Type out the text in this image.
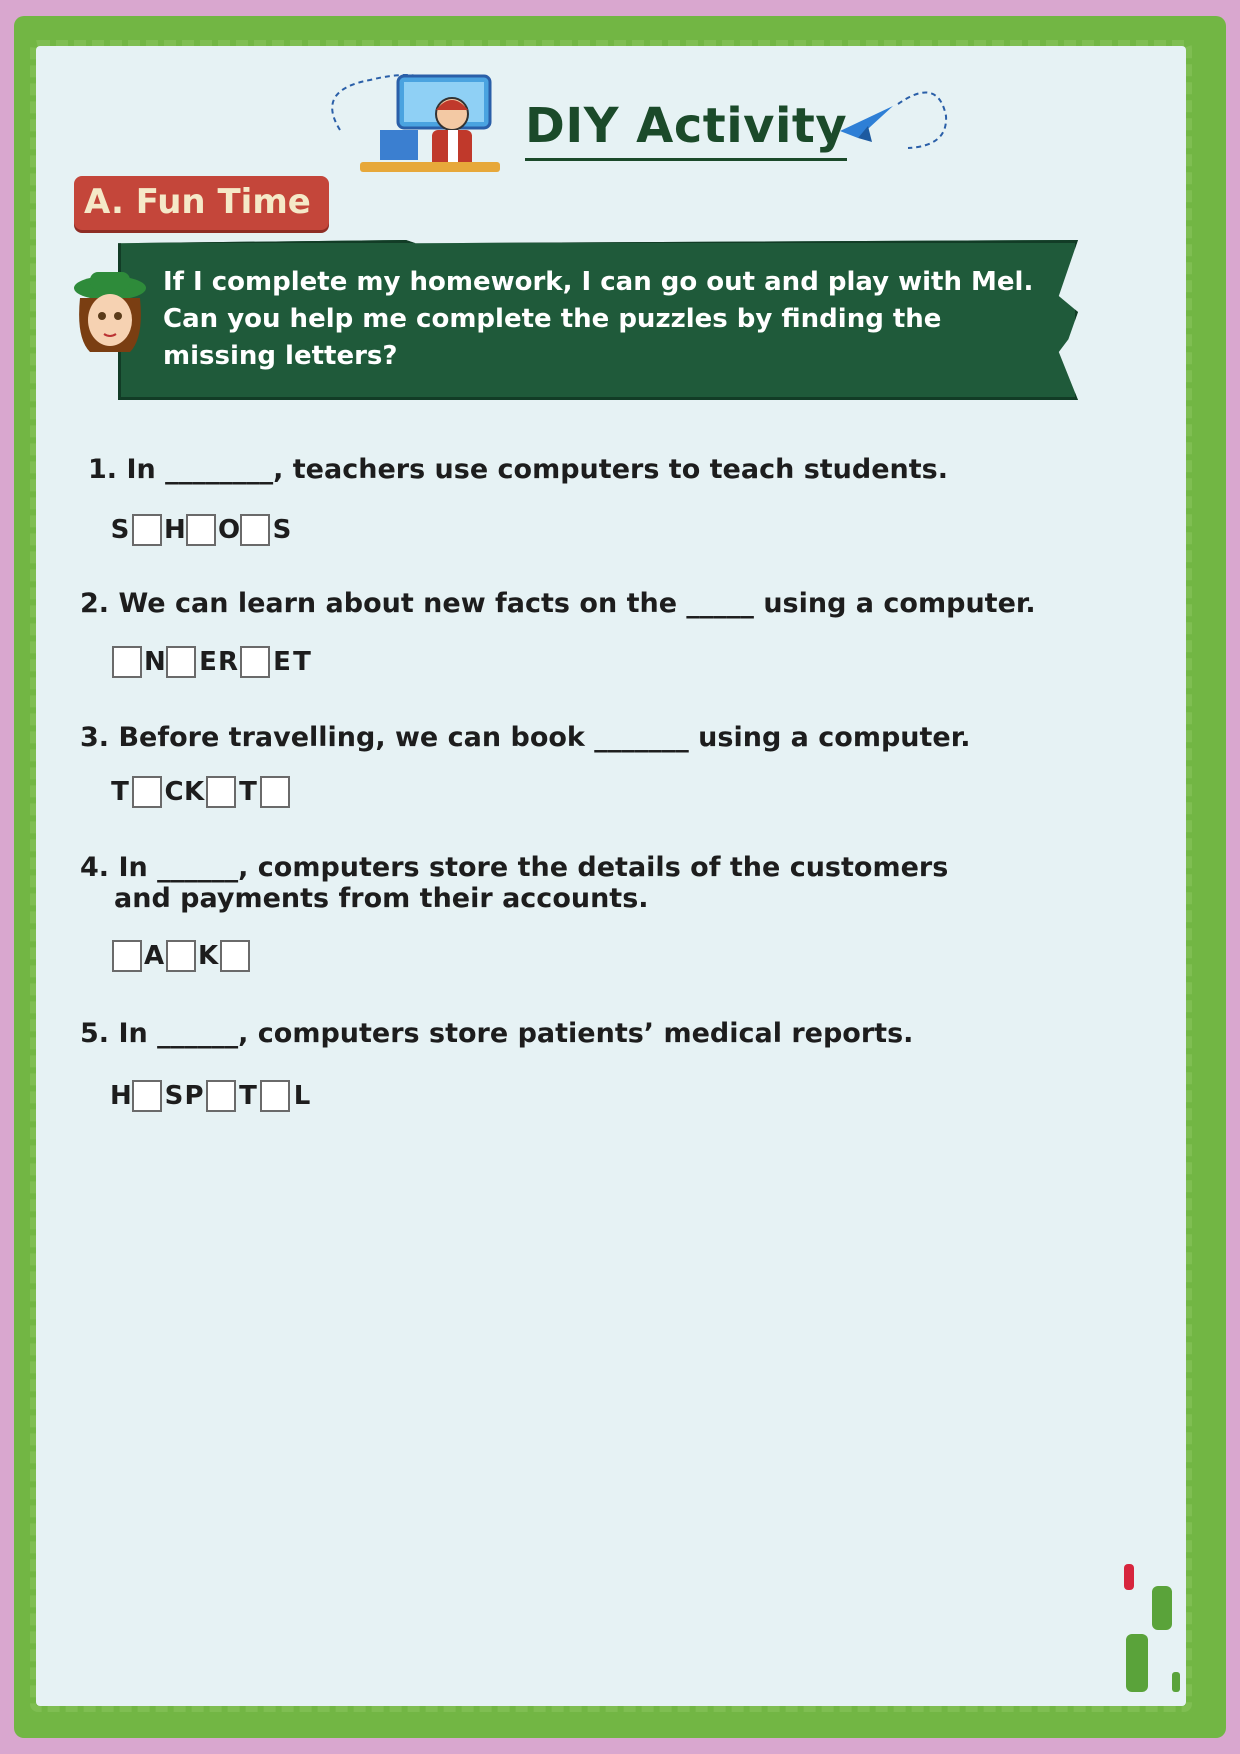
DIY Activity
A. Fun Time
If I complete my homework, I can go out and play with Mel. Can you help me complete the puzzles by finding the missing letters?
1. In ________, teachers use computers to teach students.
S H O S
2. We can learn about new facts on the _____ using a computer.
N E R E T
3. Before travelling, we can book _______ using a computer.
T C K T
4. In ______, computers store the details of the customers
and payments from their accounts.
A K
5. In ______, computers store patients’ medical reports.
H S P T L
